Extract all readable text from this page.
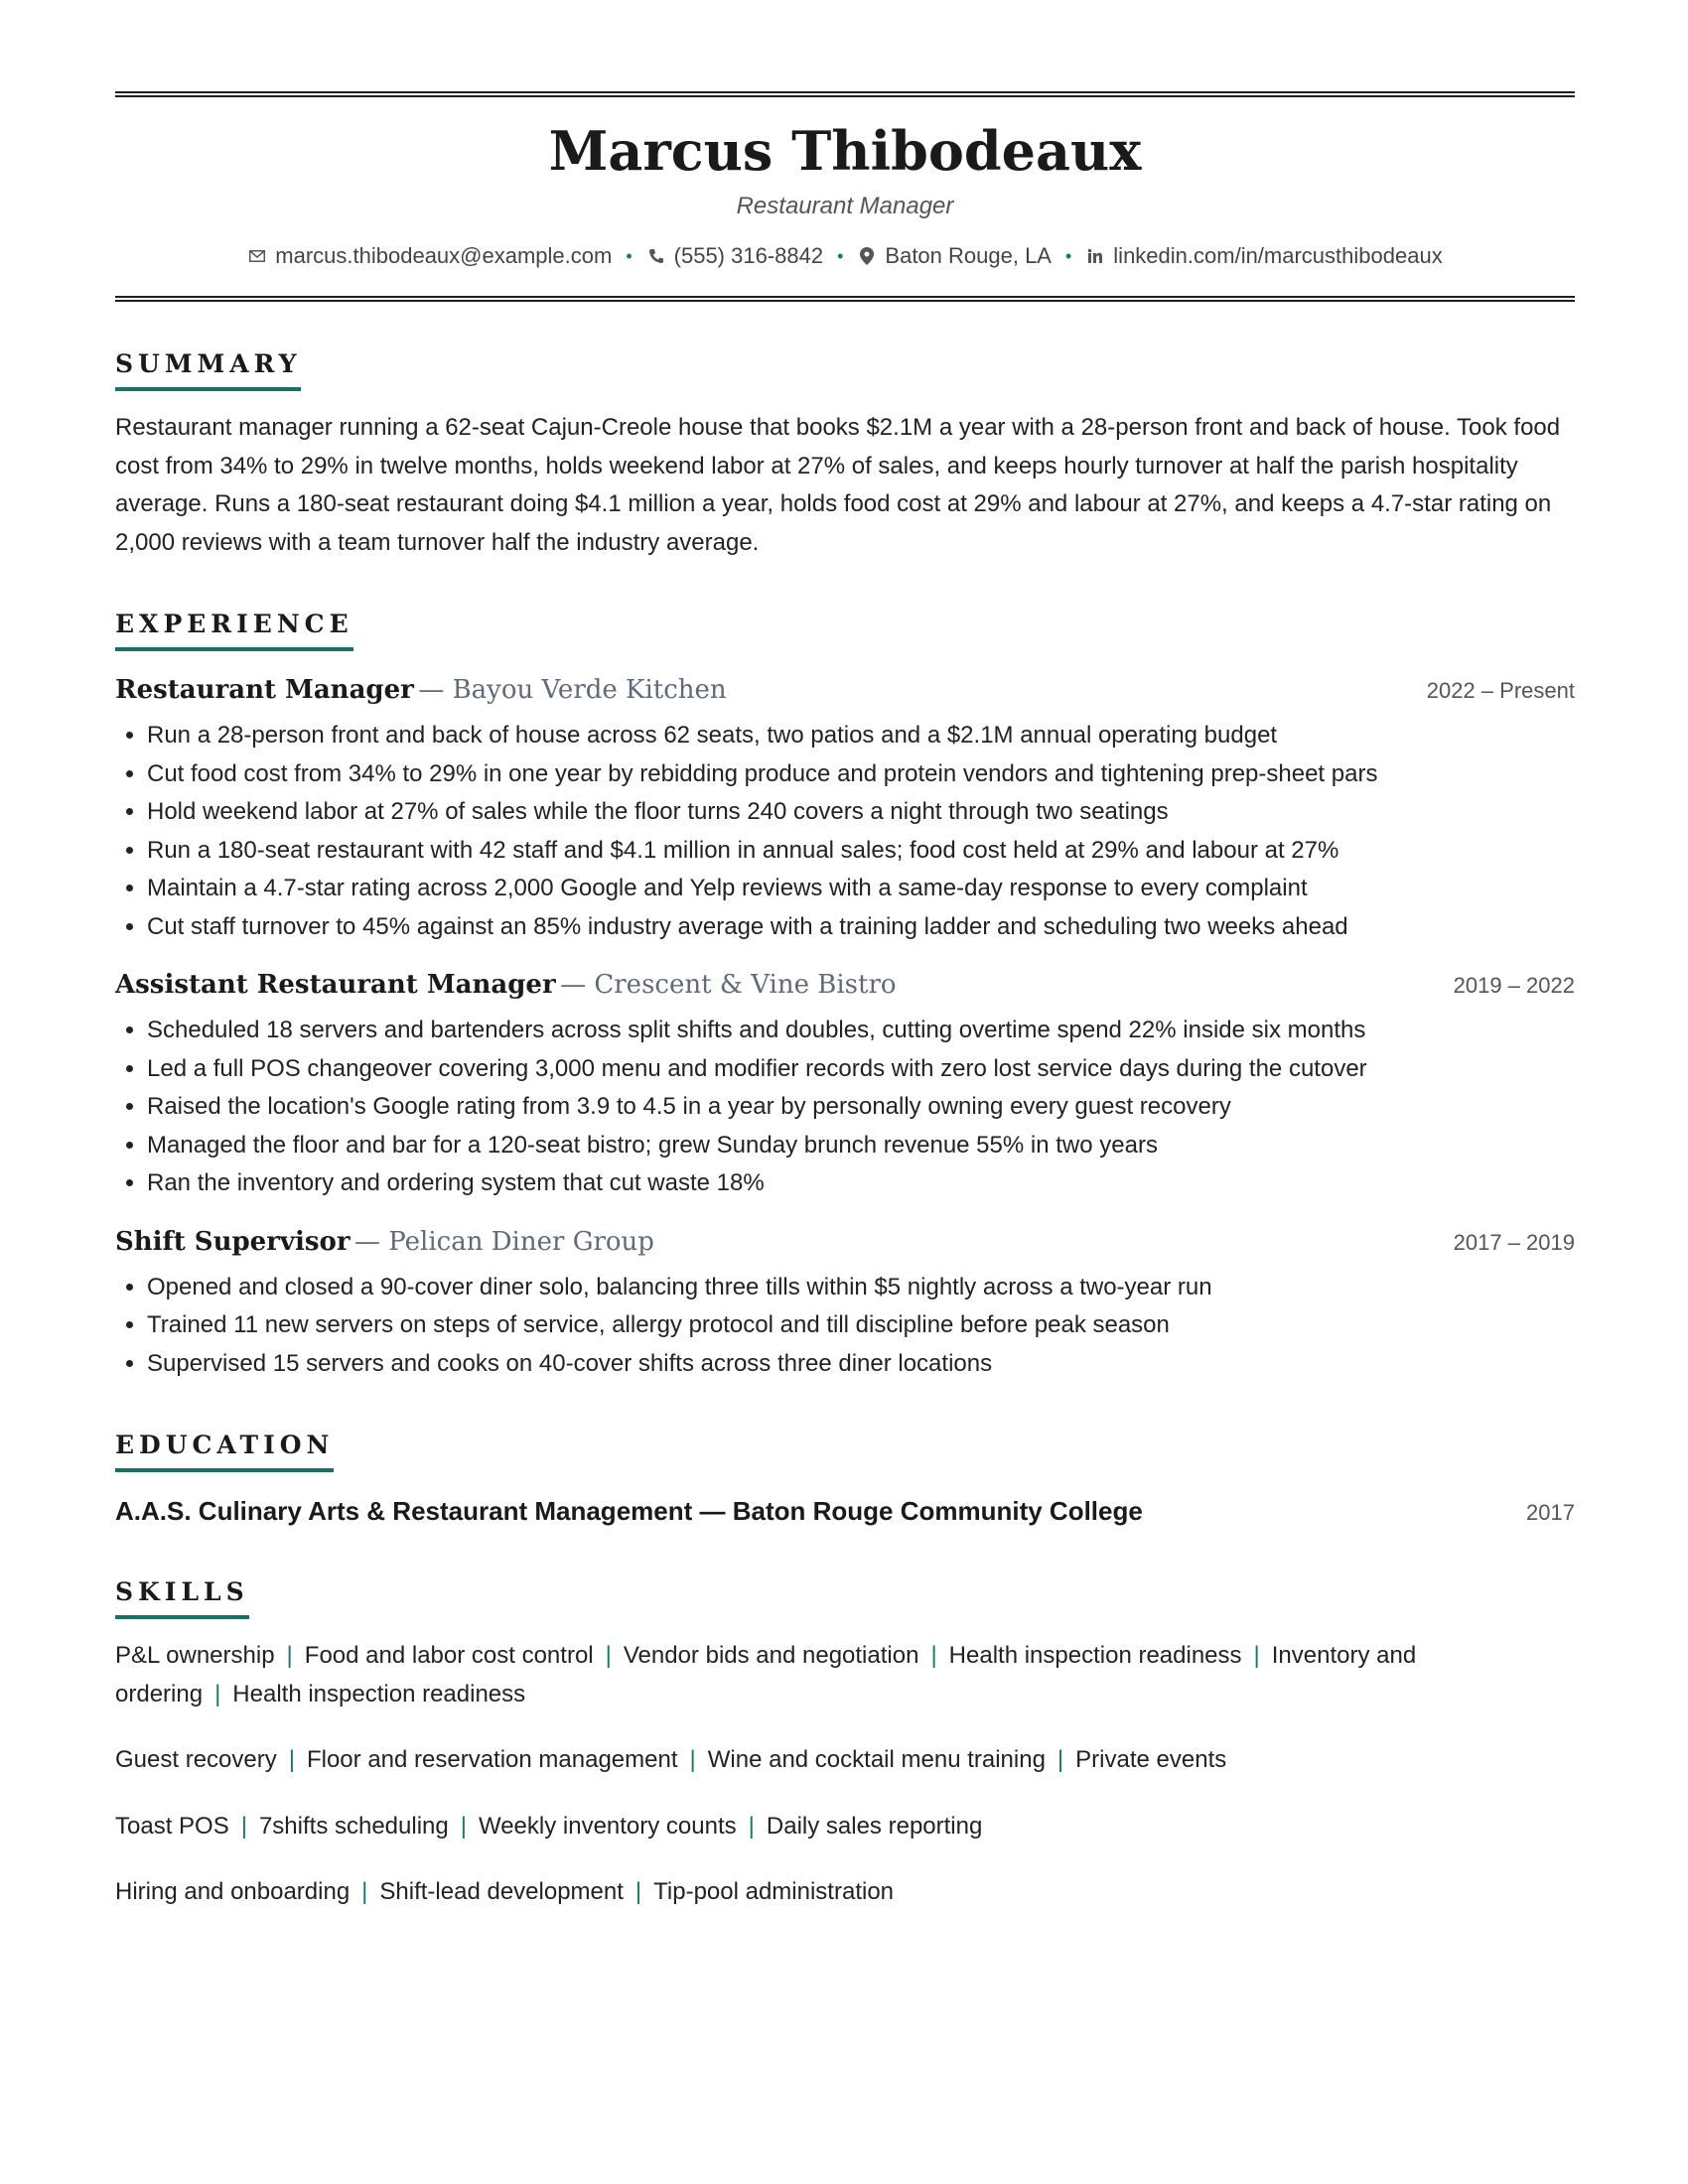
Marcus Thibodeaux
Restaurant Manager
marcus.thibodeaux@example.com • (555) 316-8842 • Baton Rouge, LA • linkedin.com/in/marcusthibodeaux
SUMMARY
Restaurant manager running a 62-seat Cajun-Creole house that books $2.1M a year with a 28-person front and back of house. Took food cost from 34% to 29% in twelve months, holds weekend labor at 27% of sales, and keeps hourly turnover at half the parish hospitality average. Runs a 180-seat restaurant doing $4.1 million a year, holds food cost at 29% and labour at 27%, and keeps a 4.7-star rating on 2,000 reviews with a team turnover half the industry average.
EXPERIENCE
Restaurant Manager — Bayou Verde Kitchen	2022 – Present
• Run a 28-person front and back of house across 62 seats, two patios and a $2.1M annual operating budget
• Cut food cost from 34% to 29% in one year by rebidding produce and protein vendors and tightening prep-sheet pars
• Hold weekend labor at 27% of sales while the floor turns 240 covers a night through two seatings
• Run a 180-seat restaurant with 42 staff and $4.1 million in annual sales; food cost held at 29% and labour at 27%
• Maintain a 4.7-star rating across 2,000 Google and Yelp reviews with a same-day response to every complaint
• Cut staff turnover to 45% against an 85% industry average with a training ladder and scheduling two weeks ahead
Assistant Restaurant Manager — Crescent & Vine Bistro	2019 – 2022
• Scheduled 18 servers and bartenders across split shifts and doubles, cutting overtime spend 22% inside six months
• Led a full POS changeover covering 3,000 menu and modifier records with zero lost service days during the cutover
• Raised the location's Google rating from 3.9 to 4.5 in a year by personally owning every guest recovery
• Managed the floor and bar for a 120-seat bistro; grew Sunday brunch revenue 55% in two years
• Ran the inventory and ordering system that cut waste 18%
Shift Supervisor — Pelican Diner Group	2017 – 2019
• Opened and closed a 90-cover diner solo, balancing three tills within $5 nightly across a two-year run
• Trained 11 new servers on steps of service, allergy protocol and till discipline before peak season
• Supervised 15 servers and cooks on 40-cover shifts across three diner locations
EDUCATION
A.A.S. Culinary Arts & Restaurant Management — Baton Rouge Community College	2017
SKILLS
P&L ownership | Food and labor cost control | Vendor bids and negotiation | Health inspection readiness | Inventory and ordering | Health inspection readiness
Guest recovery | Floor and reservation management | Wine and cocktail menu training | Private events
Toast POS | 7shifts scheduling | Weekly inventory counts | Daily sales reporting
Hiring and onboarding | Shift-lead development | Tip-pool administration
